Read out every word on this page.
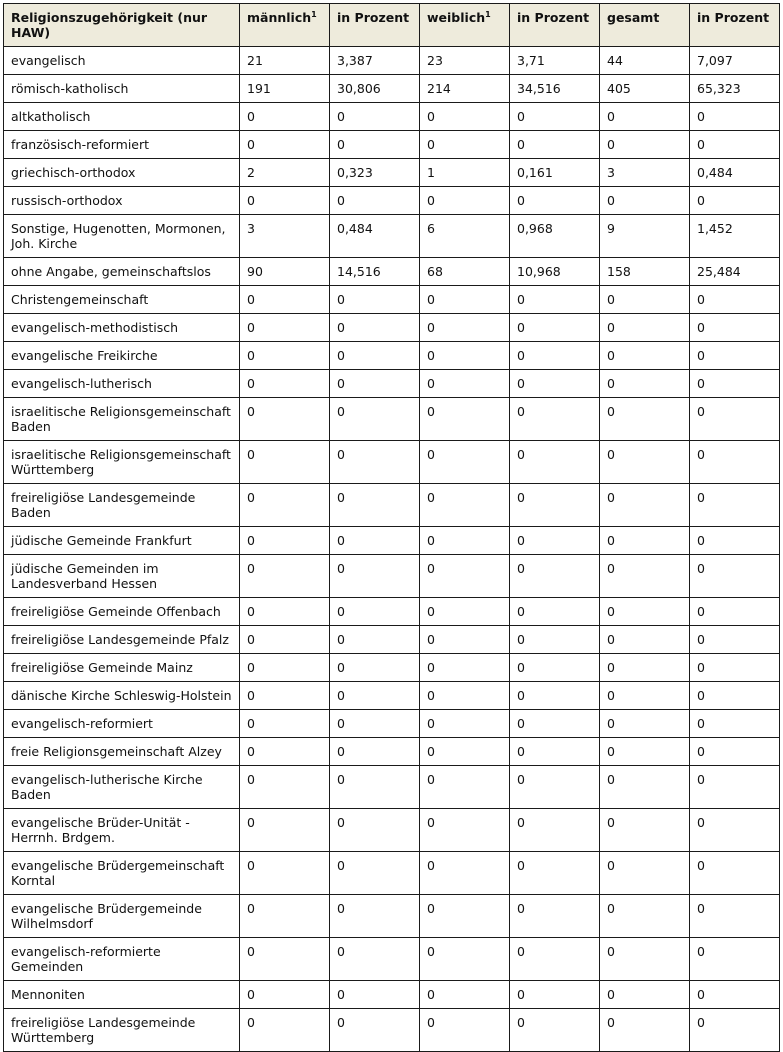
Religionszugehörigkeit (nur HAW)	männlich$^1$	in Prozent	weiblich$^1$	in Prozent	gesamt	in Prozent
evangelisch	21	3,387	23	3,71	44	7,097
römisch-katholisch	191	30,806	214	34,516	405	65,323
altkatholisch	0	0	0	0	0	0
französisch-reformiert	0	0	0	0	0	0
griechisch-orthodox	2	0,323	1	0,161	3	0,484
russisch-orthodox	0	0	0	0	0	0
Sonstige, Hugenotten, Mormonen, Joh. Kirche	3	0,484	6	0,968	9	1,452
ohne Angabe, gemeinschaftslos	90	14,516	68	10,968	158	25,484
Christengemeinschaft	0	0	0	0	0	0
evangelisch-methodistisch	0	0	0	0	0	0
evangelische Freikirche	0	0	0	0	0	0
evangelisch-lutherisch	0	0	0	0	0	0
israelitische Religionsgemeinschaft Baden	0	0	0	0	0	0
israelitische Religionsgemeinschaft Württemberg	0	0	0	0	0	0
freireligiöse Landesgemeinde Baden	0	0	0	0	0	0
jüdische Gemeinde Frankfurt	0	0	0	0	0	0
jüdische Gemeinden im Landesverband Hessen	0	0	0	0	0	0
freireligiöse Gemeinde Offenbach	0	0	0	0	0	0
freireligiöse Landesgemeinde Pfalz	0	0	0	0	0	0
freireligiöse Gemeinde Mainz	0	0	0	0	0	0
dänische Kirche Schleswig-Holstein	0	0	0	0	0	0
evangelisch-reformiert	0	0	0	0	0	0
freie Religionsgemeinschaft Alzey	0	0	0	0	0	0
evangelisch-lutherische Kirche Baden	0	0	0	0	0	0
evangelische Brüder-Unität - Herrnh. Brdgem.	0	0	0	0	0	0
evangelische Brüdergemeinschaft Korntal	0	0	0	0	0	0
evangelische Brüdergemeinde Wilhelmsdorf	0	0	0	0	0	0
evangelisch-reformierte Gemeinden	0	0	0	0	0	0
Mennoniten	0	0	0	0	0	0
freireligiöse Landesgemeinde Württemberg	0	0	0	0	0	0
